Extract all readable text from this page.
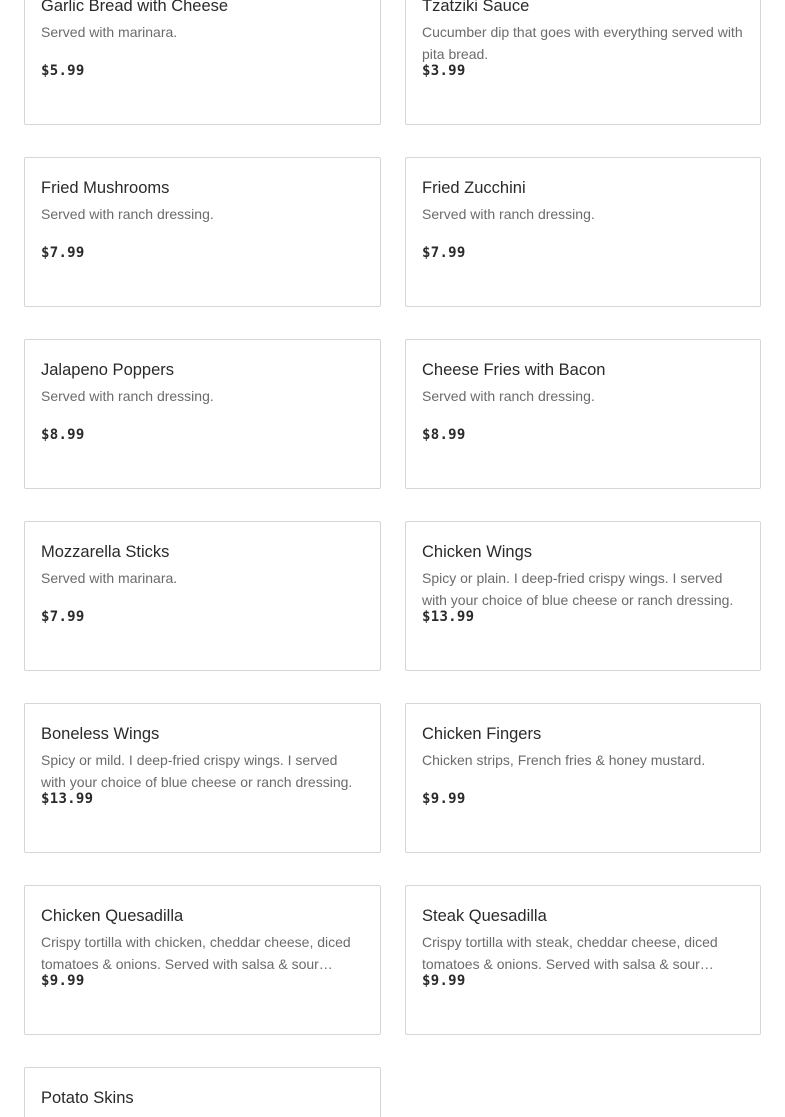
Garlic Bread with Cheese
Served with marinara.
$5.99
Tzatziki Sauce
Cucumber dip that goes with everything served with pita bread.
$3.99
Fried Mushrooms
Served with ranch dressing.
$7.99
Fried Zucchini
Served with ranch dressing.
$7.99
Jalapeno Poppers
Served with ranch dressing.
$8.99
Cheese Fries with Bacon
Served with ranch dressing.
$8.99
Mozzarella Sticks
Served with marinara.
$7.99
Chicken Wings
Spicy or plain. I deep-fried crispy wings. I served with your choice of blue cheese or ranch dressing.
$13.99
Boneless Wings
Spicy or mild. I deep-fried crispy wings. I served with your choice of blue cheese or ranch dressing.
$13.99
Chicken Fingers
Chicken strips, French fries & honey mustard.
$9.99
Chicken Quesadilla
Crispy tortilla with chicken, cheddar cheese, diced tomatoes & onions. Served with salsa & sour…
$9.99
Steak Quesadilla
Crispy tortilla with steak, cheddar cheese, diced tomatoes & onions. Served with salsa & sour…
$9.99
Potato Skins
